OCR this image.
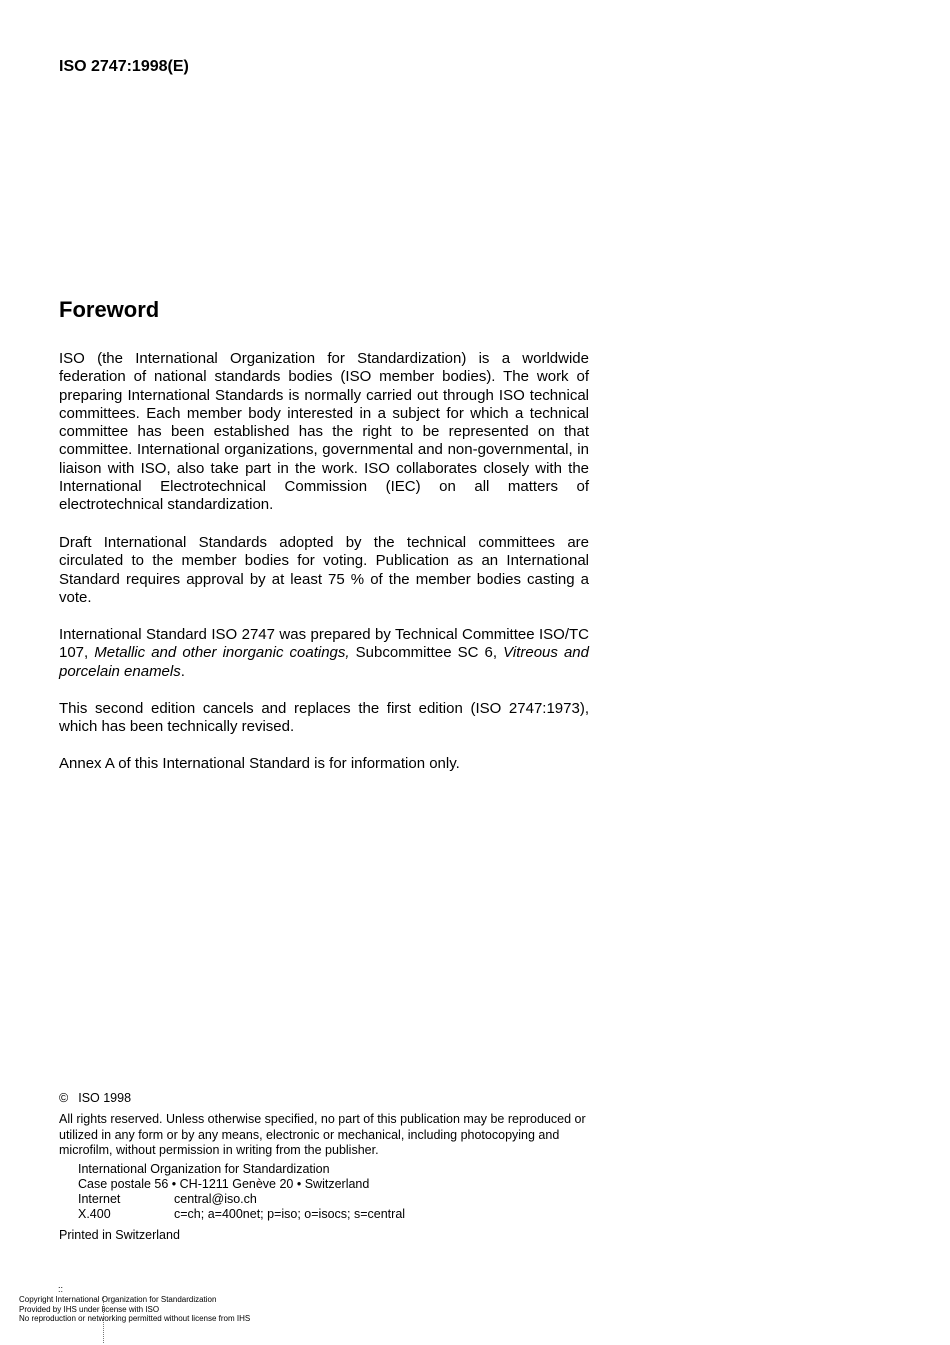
ISO 2747:1998(E)
Foreword

ISO (the International Organization for Standardization) is a worldwide federation of national standards bodies (ISO member bodies). The work of preparing International Standards is normally carried out through ISO technical committees. Each member body interested in a subject for which a technical committee has been established has the right to be represented on that committee. International organizations, governmental and non-governmental, in liaison with ISO, also take part in the work. ISO collaborates closely with the International Electrotechnical Commission (IEC) on all matters of electrotechnical standardization.

Draft International Standards adopted by the technical committees are circulated to the member bodies for voting. Publication as an International Standard requires approval by at least 75 % of the member bodies casting a vote.

International Standard ISO 2747 was prepared by Technical Committee ISO/TC 107, Metallic and other inorganic coatings, Subcommittee SC 6, Vitreous and porcelain enamels.

This second edition cancels and replaces the first edition (ISO 2747:1973), which has been technically revised.

Annex A of this International Standard is for information only.

© ISO 1998

All rights reserved. Unless otherwise specified, no part of this publication may be reproduced or utilized in any form or by any means, electronic or mechanical, including photocopying and microfilm, without permission in writing from the publisher.

International Organization for Standardization
Case postale 56 • CH-1211 Genève 20 • Switzerland
Internet	central@iso.ch
X.400	c=ch; a=400net; p=iso; o=isocs; s=central
Printed in Switzerland
::
Copyright International Organization for Standardization
Provided by IHS under license with ISO
No reproduction or networking permitted without license from IHS
